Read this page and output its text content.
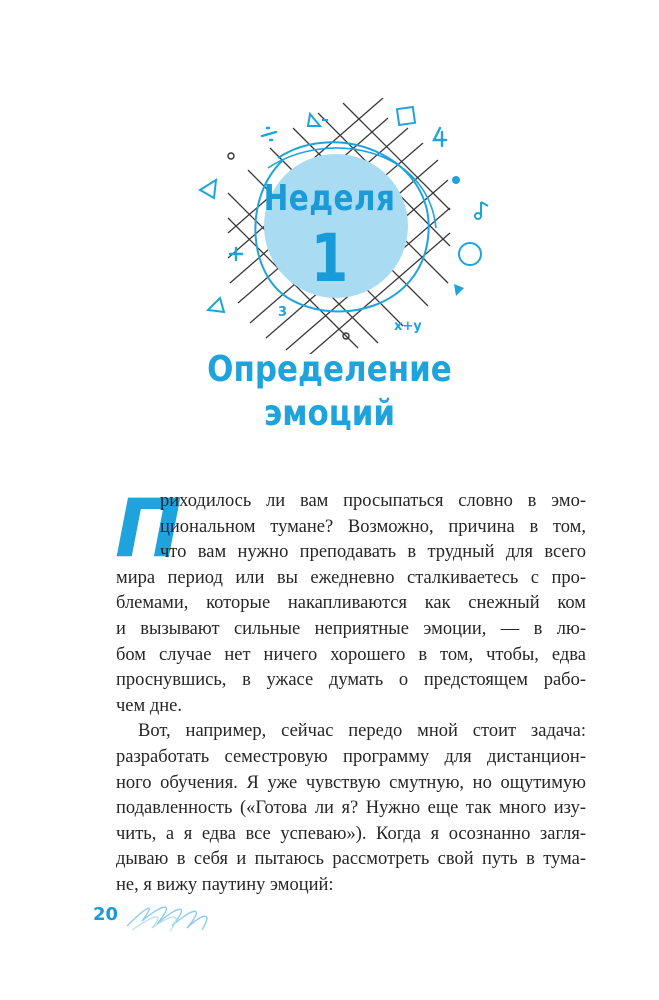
3
x+y
Неделя
1
Определение
эмоций
П
риходилось ли вам просыпаться словно в эмо-
циональном тумане? Возможно, причина в том,
что вам нужно преподавать в трудный для всего
мира период или вы ежедневно сталкиваетесь с про-
блемами, которые накапливаются как снежный ком
и вызывают сильные неприятные эмоции, — в лю-
бом случае нет ничего хорошего в том, чтобы, едва
проснувшись, в ужасе думать о предстоящем рабо-
чем дне.
Вот, например, сейчас передо мной стоит задача:
разработать семестровую программу для дистанцион-
ного обучения. Я уже чувствую смутную, но ощутимую
подавленность («Готова ли я? Нужно еще так много изу-
чить, а я едва все успеваю»). Когда я осознанно загля-
дываю в себя и пытаюсь рассмотреть свой путь в тума-
не, я вижу паутину эмоций:
20
